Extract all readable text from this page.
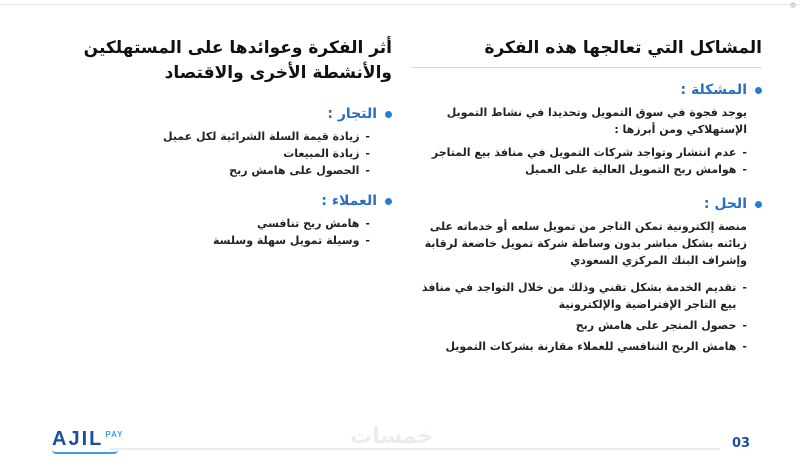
المشاكل التي تعالجها هذه الفكرة
المشكلة :
يوجد فجوة في سوق التمويل وتحديدا في نشاط التمويل الإستهلاكي ومن أبرزها :
-
عدم انتشار وتواجد شركات التمويل في منافذ بيع المتاجر
-
هوامش ربح التمويل العالية على العميل
الحل :
منصة إلكترونية تمكن التاجر من تمويل سلعه أو خدماته على زبائنه بشكل مباشر بدون وساطة شركة تمويل خاضعة لرقابة وإشراف البنك المركزي السعودي
-
تقديم الخدمة بشكل تقني وذلك من خلال التواجد في منافذ بيع التاجر الإفتراضية والإلكترونية
-
حصول المتجر على هامش ربح
-
هامش الربح التنافسي للعملاء مقارنة بشركات التمويل
أثر الفكرة وعوائدها على المستهلكين والأنشطة الأخرى والاقتصاد
التجار :
-
زيادة قيمة السلة الشرائية لكل عميل
-
زيادة المبيعات
-
الحصول على هامش ربح
العملاء :
-
هامش ربح تنافسي
-
وسيلة تمويل سهلة وسلسة
خمسات
AJIL PAY
03
